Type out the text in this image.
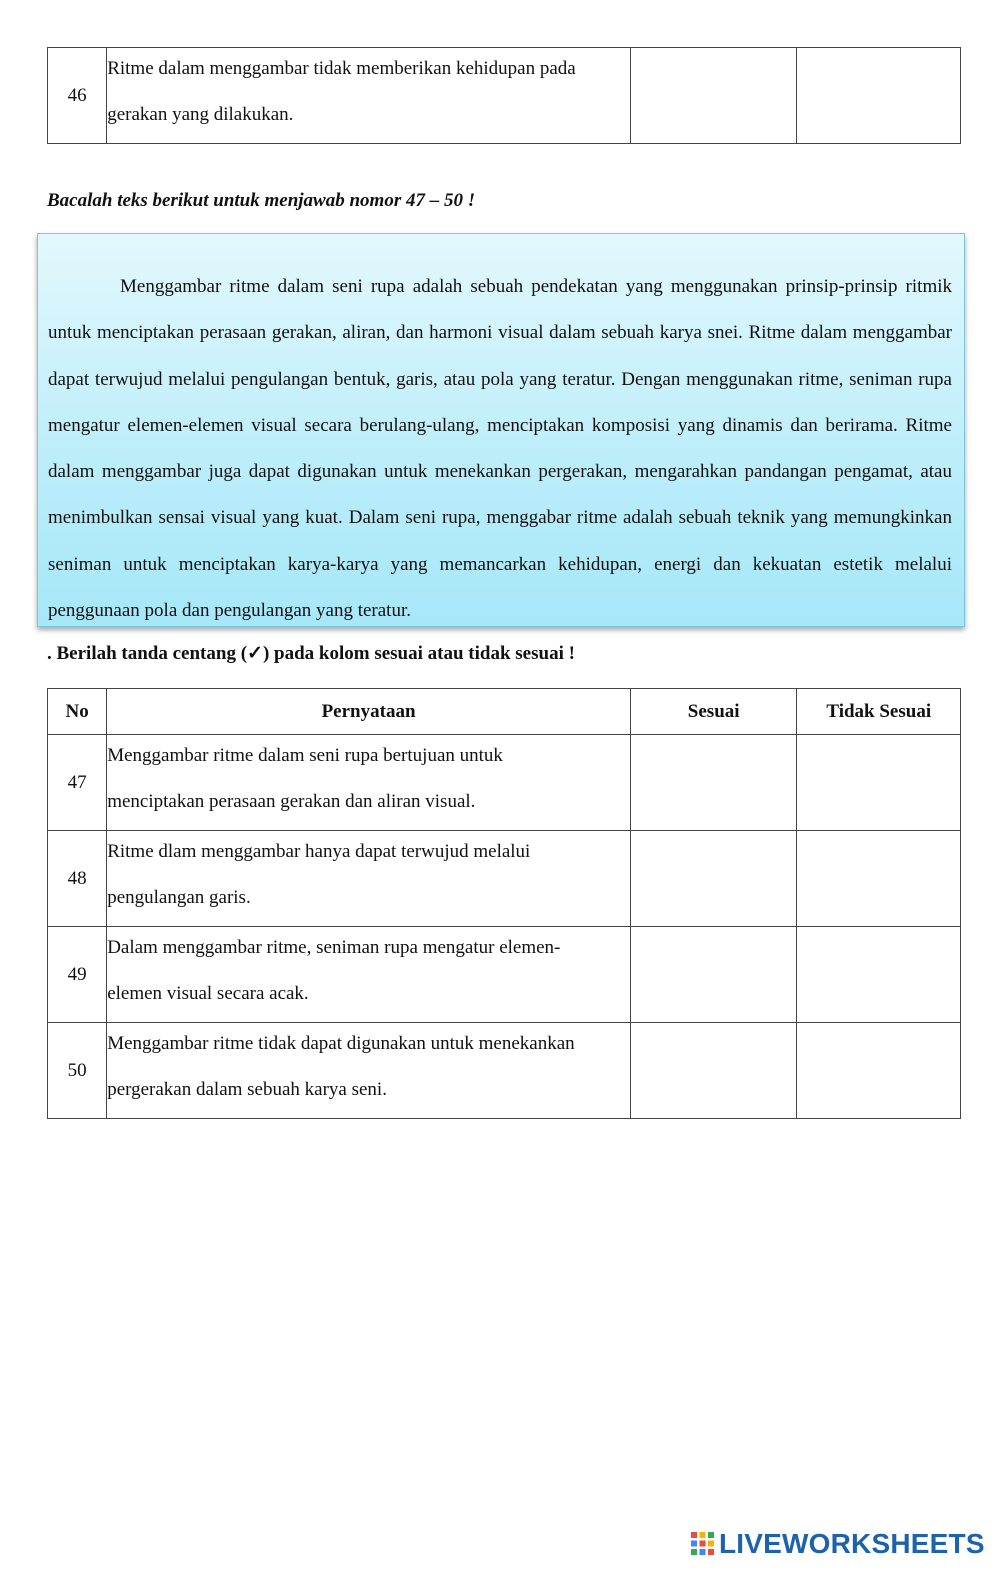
46	
Ritme dalam menggambar tidak memberikan kehidupan pada
gerakan yang dilakukan.

Bacalah teks berikut untuk menjawab nomor 47 – 50 !

Menggambar ritme dalam seni rupa adalah sebuah pendekatan yang menggunakan prinsip-prinsip ritmik untuk menciptakan perasaan gerakan, aliran, dan harmoni visual dalam sebuah karya snei. Ritme dalam menggambar dapat terwujud melalui pengulangan bentuk, garis, atau pola yang teratur. Dengan menggunakan ritme, seniman rupa mengatur elemen-elemen visual secara berulang-ulang, menciptakan komposisi yang dinamis dan berirama. Ritme dalam menggambar juga dapat digunakan untuk menekankan pergerakan, mengarahkan pandangan pengamat, atau menimbulkan sensai visual yang kuat. Dalam seni rupa, menggabar ritme adalah sebuah teknik yang memungkinkan seniman untuk menciptakan karya-karya yang memancarkan kehidupan, energi dan kekuatan estetik melalui penggunaan pola dan pengulangan yang teratur.

. Berilah tanda centang (✓) pada kolom sesuai atau tidak sesuai !
No	Pernyataan	Sesuai	Tidak Sesuai
47	Menggambar ritme dalam seni rupa bertujuan untuk
menciptakan perasaan gerakan dan aliran visual.		

48	Ritme dlam menggambar hanya dapat terwujud melalui
pengulangan garis.		

49	Dalam menggambar ritme, seniman rupa mengatur elemen-
elemen visual secara acak.		

50	Menggambar ritme tidak dapat digunakan untuk menekankan
pergerakan dalam sebuah karya seni.		

LIVEWORKSHEETS
